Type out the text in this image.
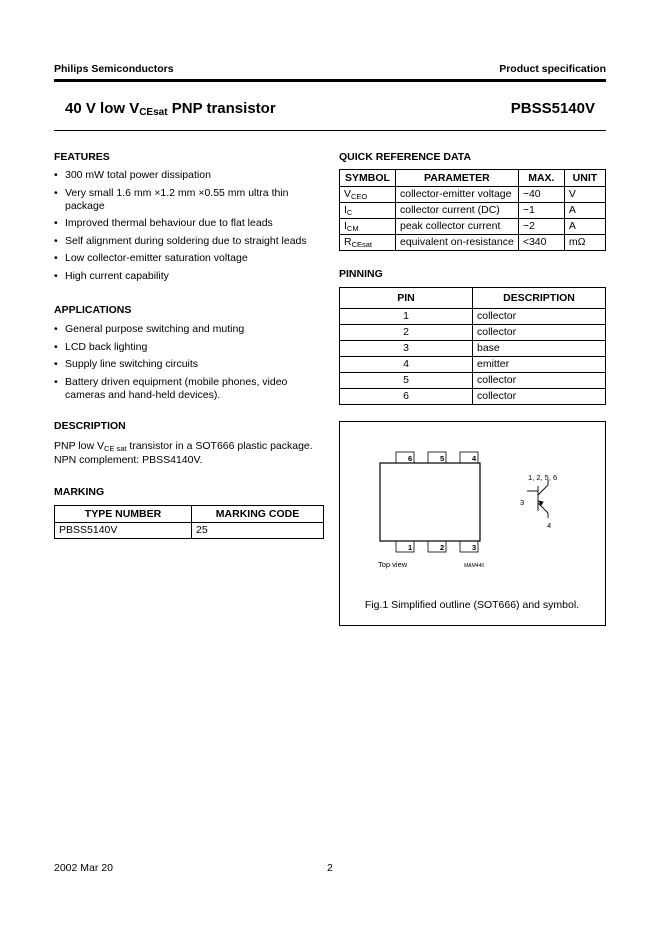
Philips Semiconductors	Product specification
40 V low $V_{CEsat}$ PNP transistor	PBSS5140V
FEATURES
• 300 mW total power dissipation
• Very small 1.6 mm ×1.2 mm ×0.55 mm ultra thin package
• Improved thermal behaviour due to flat leads
• Self alignment during soldering due to straight leads
• Low collector-emitter saturation voltage
• High current capability
APPLICATIONS
• General purpose switching and muting
• LCD back lighting
• Supply line switching circuits
• Battery driven equipment (mobile phones, video cameras and hand-held devices).
DESCRIPTION
PNP low $V_{CE sat}$ transistor in a SOT666 plastic package.
NPN complement: PBSS4140V.
MARKING
TYPE NUMBER	MARKING CODE
PBSS5140V	25
QUICK REFERENCE DATA
SYMBOL	PARAMETER	MAX.	UNIT
$V_{CEO}$	collector-emitter voltage	−40	V
$I_C$	collector current (DC)	−1	A
$I_{CM}$	peak collector current	−2	A
$R_{CEsat}$	equivalent on-resistance	<340	mΩ
PINNING
PIN	DESCRIPTION
1	collector
2	collector
3	base
4	emitter
5	collector
6	collector
6	5	4
1	2	3
Top view	MAM446
1, 2, 5, 6
3
4
Fig.1 Simplified outline (SOT666) and symbol.
2002 Mar 20	2
